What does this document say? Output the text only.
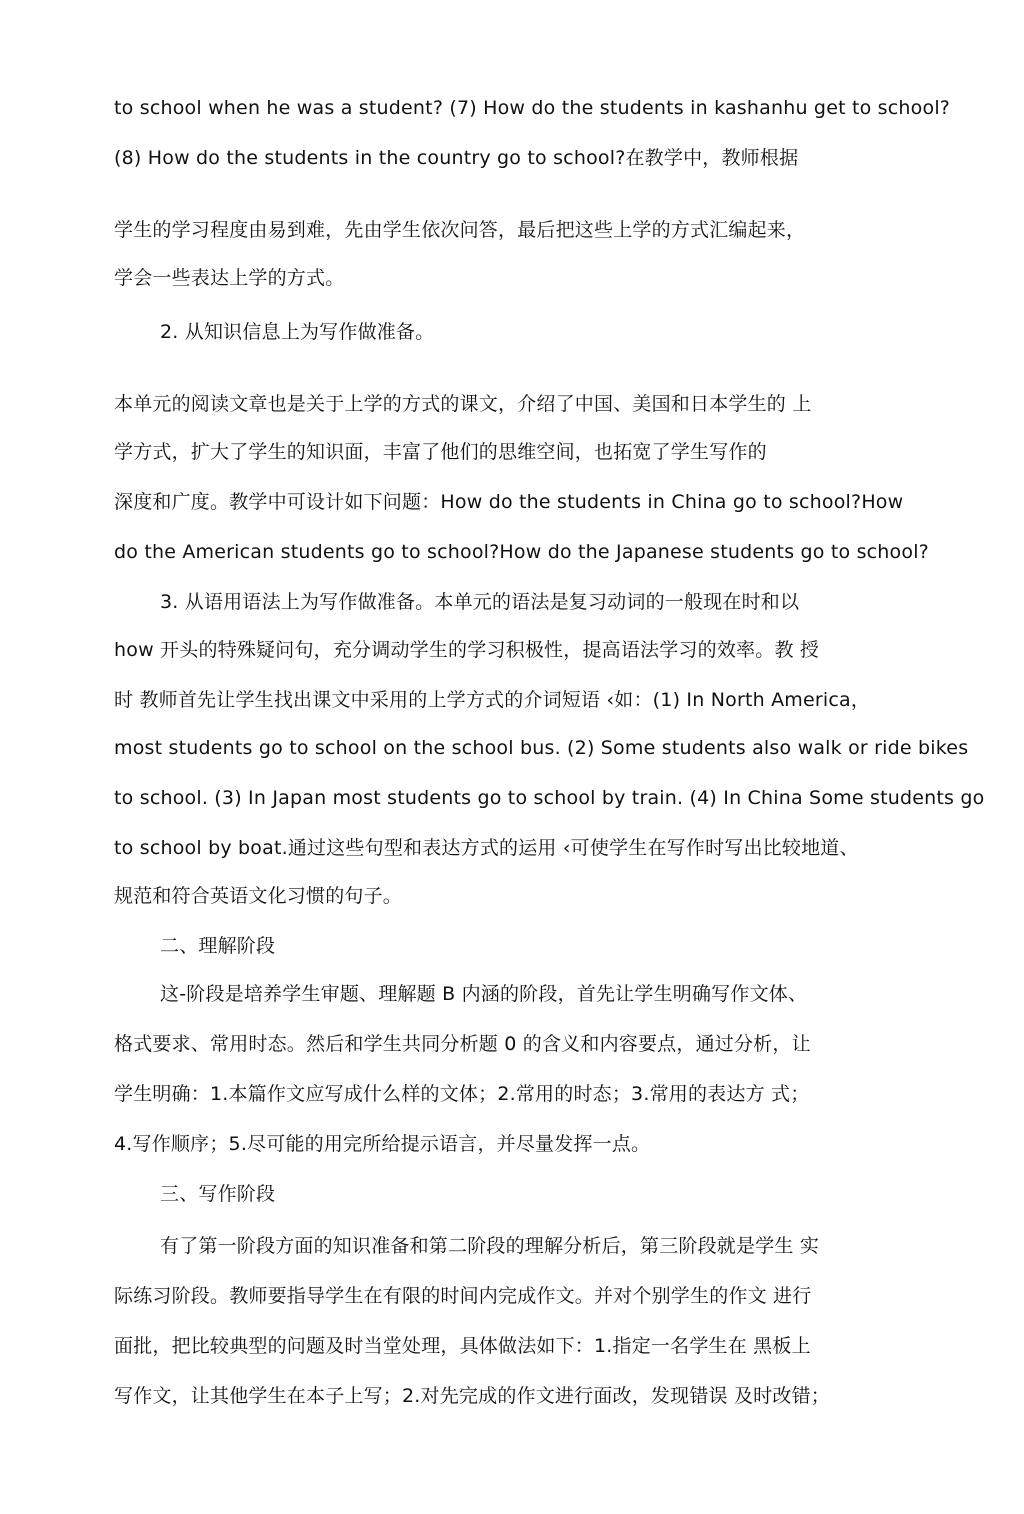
to school when he was a student? (7) How do the students in kashanhu get to school?
(8) How do the students in the country go to school?在教学中，教师根据
学生的学习程度由易到难，先由学生依次问答，最后把这些上学的方式汇编起来，
学会一些表达上学的方式。
2. 从知识信息上为写作做准备。
本单元的阅读文章也是关于上学的方式的课文，介绍了中国、美国和日本学生的 上
学方式，扩大了学生的知识面，丰富了他们的思维空间，也拓宽了学生写作的
深度和广度。教学中可设计如下问题：How do the students in China go to school?How
do the American students go to school?How do the Japanese students go to school?
3. 从语用语法上为写作做准备。本单元的语法是复习动词的一般现在时和以
how 开头的特殊疑问句，充分调动学生的学习积极性，提高语法学习的效率。教 授
时 教师首先让学生找出课文中采用的上学方式的介词短语 ‹如：(1) In North America，
most students go to school on the school bus. (2) Some students also walk or ride bikes
to school. (3) In Japan most students go to school by train. (4) In China Some students go
to school by boat.通过这些句型和表达方式的运用 ‹可使学生在写作时写出比较地道、
规范和符合英语文化习惯的句子。
二、理解阶段
这-阶段是培养学生审题、理解题 B 内涵的阶段，首先让学生明确写作文体、
格式要求、常用时态。然后和学生共同分析题 0 的含义和内容要点，通过分析，让
学生明确：1.本篇作文应写成什么样的文体；2.常用的时态；3.常用的表达方 式；
4.写作顺序；5.尽可能的用完所给提示语言，并尽量发挥一点。
三、写作阶段
有了第一阶段方面的知识准备和第二阶段的理解分析后，第三阶段就是学生 实
际练习阶段。教师要指导学生在有限的时间内完成作文。并对个别学生的作文 进行
面批，把比较典型的问题及时当堂处理，具体做法如下：1.指定一名学生在 黑板上
写作文，让其他学生在本子上写；2.对先完成的作文进行面改，发现错误 及时改错；
